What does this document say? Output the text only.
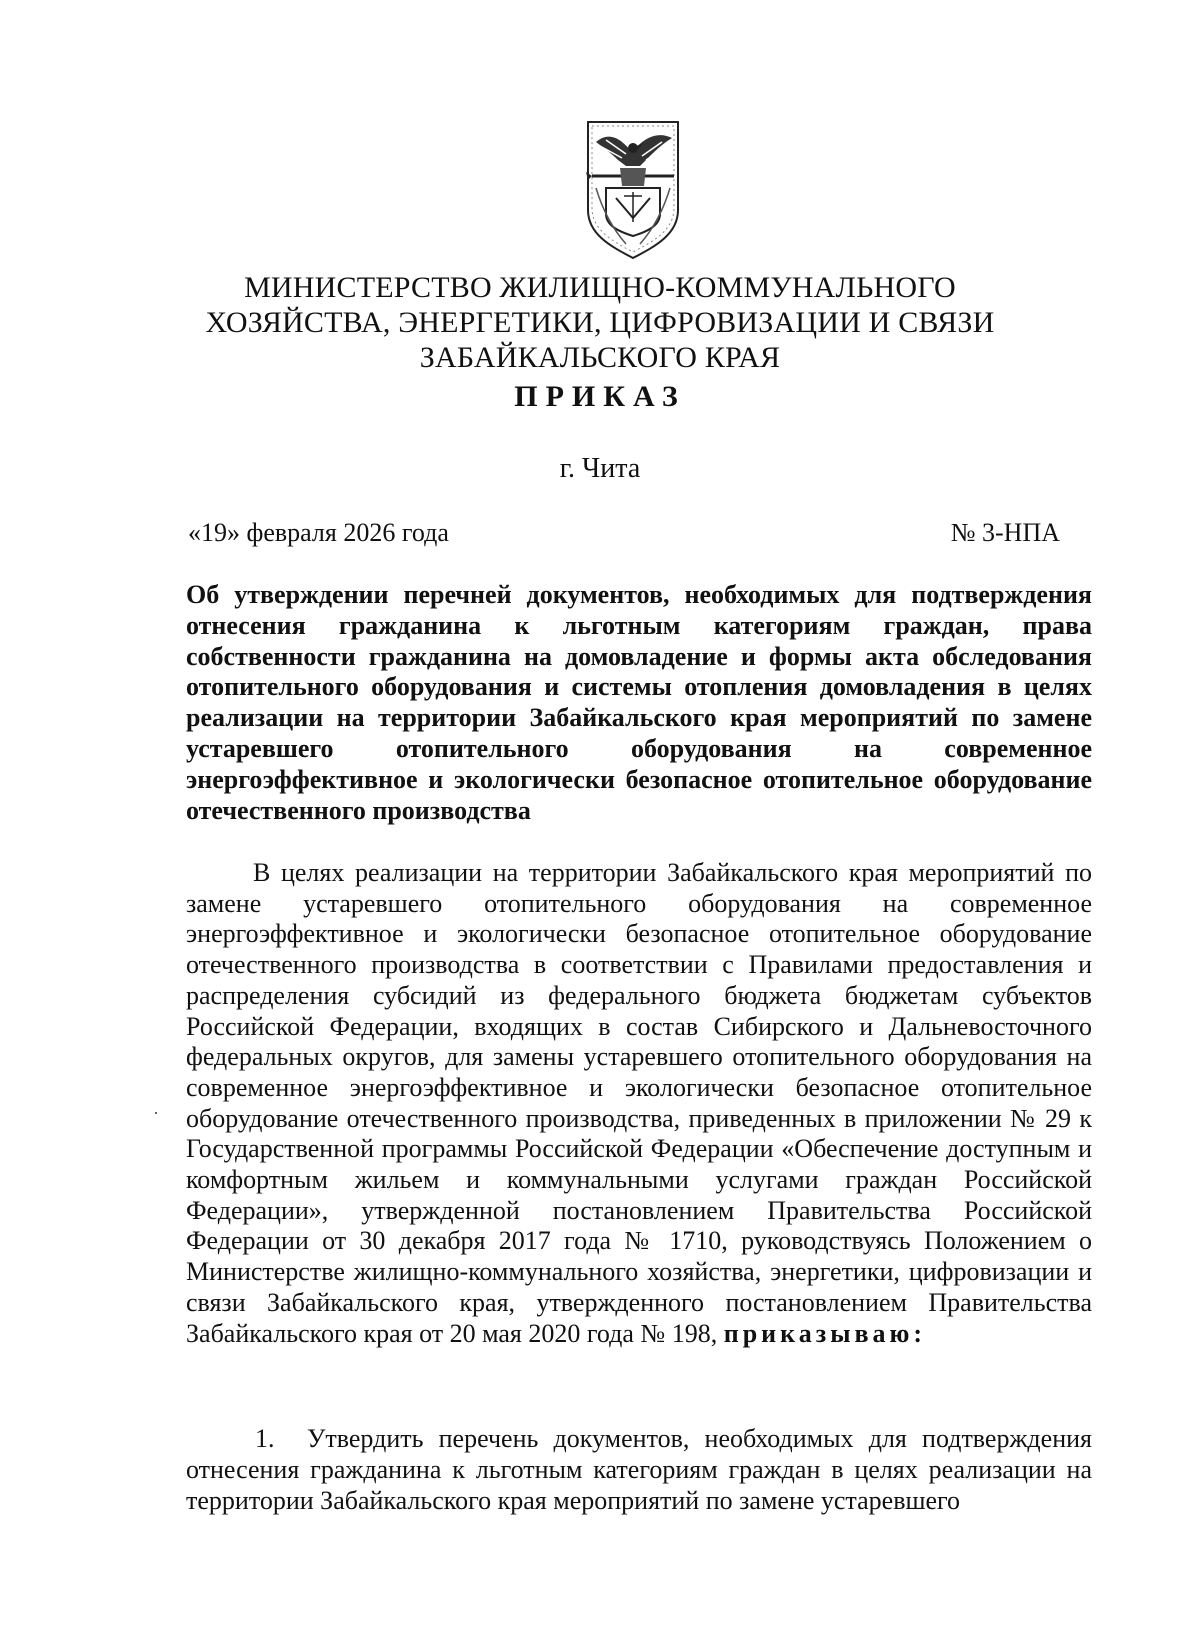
МИНИСТЕРСТВО ЖИЛИЩНО-КОММУНАЛЬНОГО
ХОЗЯЙСТВА, ЭНЕРГЕТИКИ, ЦИФРОВИЗАЦИИ И СВЯЗИ
ЗАБАЙКАЛЬСКОГО КРАЯ
ПРИКАЗ
г. Чита
«19» февраля 2026 года	№ 3-НПА
Об утверждении перечней документов, необходимых для подтверждения отнесения гражданина к льготным категориям граждан, права собственности гражданина на домовладение и формы акта обследования отопительного оборудования и системы отопления домовладения в целях реализации на территории Забайкальского края мероприятий по замене устаревшего отопительного оборудования на современное энергоэффективное и экологически безопасное отопительное оборудование отечественного производства
В целях реализации на территории Забайкальского края мероприятий по замене устаревшего отопительного оборудования на современное энергоэффективное и экологически безопасное отопительное оборудование отечественного производства в соответствии с Правилами предоставления и распределения субсидий из федерального бюджета бюджетам субъектов Российской Федерации, входящих в состав Сибирского и Дальневосточного федеральных округов, для замены устаревшего отопительного оборудования на современное энергоэффективное и экологически безопасное отопительное оборудование отечественного производства, приведенных в приложении № 29 к Государственной программы Российской Федерации «Обеспечение доступным и комфортным жильем и коммунальными услугами граждан Российской Федерации», утвержденной постановлением Правительства Российской Федерации от 30 декабря 2017 года № 1710, руководствуясь Положением о Министерстве жилищно-коммунального хозяйства, энергетики, цифровизации и связи Забайкальского края, утвержденного постановлением Правительства Забайкальского края от 20 мая 2020 года № 198, приказываю:
1. Утвердить перечень документов, необходимых для подтверждения отнесения гражданина к льготным категориям граждан в целях реализации на территории Забайкальского края мероприятий по замене устаревшего
